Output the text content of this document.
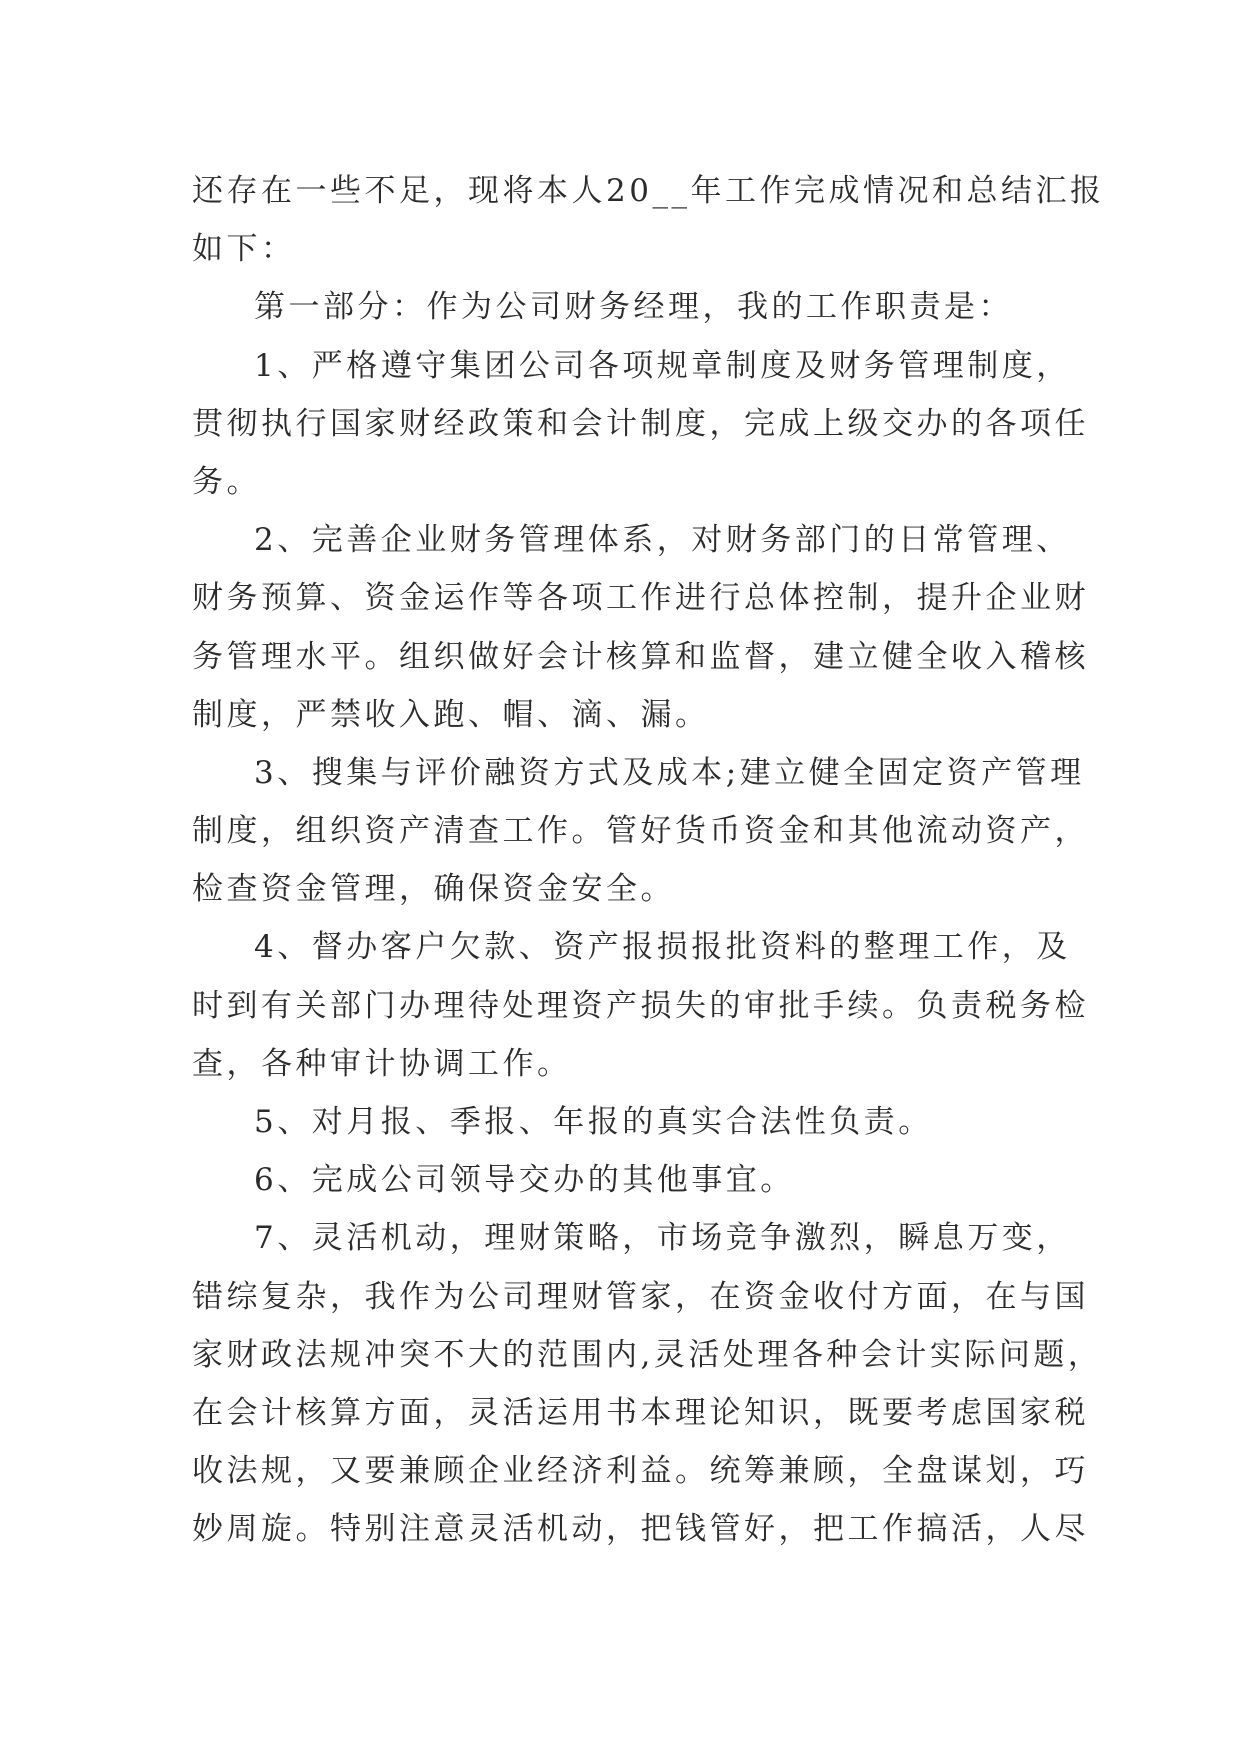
还存在一些不足，现将本人20__年工作完成情况和总结汇报
如下：
第一部分：作为公司财务经理，我的工作职责是：
1、严格遵守集团公司各项规章制度及财务管理制度，
贯彻执行国家财经政策和会计制度，完成上级交办的各项任
务。
2、完善企业财务管理体系，对财务部门的日常管理、
财务预算、资金运作等各项工作进行总体控制，提升企业财
务管理水平。组织做好会计核算和监督，建立健全收入稽核
制度，严禁收入跑、帽、滴、漏。
3、搜集与评价融资方式及成本;建立健全固定资产管理
制度，组织资产清查工作。管好货币资金和其他流动资产，
检查资金管理，确保资金安全。
4、督办客户欠款、资产报损报批资料的整理工作，及
时到有关部门办理待处理资产损失的审批手续。负责税务检
查，各种审计协调工作。
5、对月报、季报、年报的真实合法性负责。
6、完成公司领导交办的其他事宜。
7、灵活机动，理财策略，市场竞争激烈，瞬息万变，
错综复杂，我作为公司理财管家，在资金收付方面，在与国
家财政法规冲突不大的范围内,灵活处理各种会计实际问题，
在会计核算方面，灵活运用书本理论知识，既要考虑国家税
收法规，又要兼顾企业经济利益。统筹兼顾，全盘谋划，巧
妙周旋。特别注意灵活机动，把钱管好，把工作搞活，人尽
